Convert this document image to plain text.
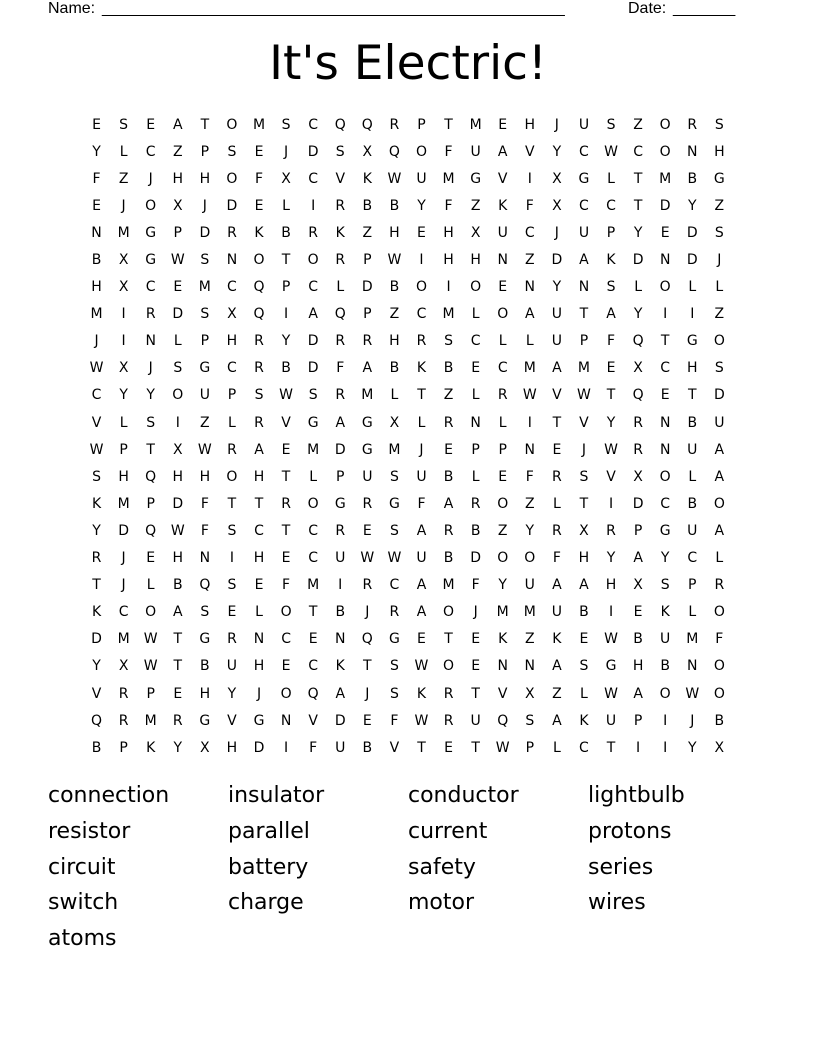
Name: ____________________________________________________	Date: _______
It's Electric!
E	S	E	A	T	O	M	S	C	Q	Q	R	P	T	M	E	H	J	U	S	Z	O	R	S
Y	L	C	Z	P	S	E	J	D	S	X	Q	O	F	U	A	V	Y	C	W	C	O	N	H
F	Z	J	H	H	O	F	X	C	V	K	W	U	M	G	V	I	X	G	L	T	M	B	G
E	J	O	X	J	D	E	L	I	R	B	B	Y	F	Z	K	F	X	C	C	T	D	Y	Z
N	M	G	P	D	R	K	B	R	K	Z	H	E	H	X	U	C	J	U	P	Y	E	D	S
B	X	G	W	S	N	O	T	O	R	P	W	I	H	H	N	Z	D	A	K	D	N	D	J
H	X	C	E	M	C	Q	P	C	L	D	B	O	I	O	E	N	Y	N	S	L	O	L	L
M	I	R	D	S	X	Q	I	A	Q	P	Z	C	M	L	O	A	U	T	A	Y	I	I	Z
J	I	N	L	P	H	R	Y	D	R	R	H	R	S	C	L	L	U	P	F	Q	T	G	O
W	X	J	S	G	C	R	B	D	F	A	B	K	B	E	C	M	A	M	E	X	C	H	S
C	Y	Y	O	U	P	S	W	S	R	M	L	T	Z	L	R	W	V	W	T	Q	E	T	D
V	L	S	I	Z	L	R	V	G	A	G	X	L	R	N	L	I	T	V	Y	R	N	B	U
W	P	T	X	W	R	A	E	M	D	G	M	J	E	P	P	N	E	J	W	R	N	U	A
S	H	Q	H	H	O	H	T	L	P	U	S	U	B	L	E	F	R	S	V	X	O	L	A
K	M	P	D	F	T	T	R	O	G	R	G	F	A	R	O	Z	L	T	I	D	C	B	O
Y	D	Q	W	F	S	C	T	C	R	E	S	A	R	B	Z	Y	R	X	R	P	G	U	A
R	J	E	H	N	I	H	E	C	U	W W	U	B	D	O	O	F	H	Y	A	Y	C	L
T	J	L	B	Q	S	E	F	M	I	R	C	A	M	F	Y	U	A	A	H	X	S	P	R
K	C	O	A	S	E	L	O	T	B	J	R	A	O	J	M	M	U	B	I	E	K	L	O
D	M	W	T	G	R	N	C	E	N	Q	G	E	T	E	K	Z	K	E	W	B	U	M	F
Y	X	W	T	B	U	H	E	C	K	T	S	W	O	E	N	N	A	S	G	H	B	N	O
V	R	P	E	H	Y	J	O	Q	A	J	S	K	R	T	V	X	Z	L	W	A	O	W	O
Q	R	M	R	G	V	G	N	V	D	E	F	W	R	U	Q	S	A	K	U	P	I	J	B
B	P	K	Y	X	H	D	I	F	U	B	V	T	E	T	W	P	L	C	T	I	I	Y	X
connection	insulator	conductor	lightbulb
resistor	parallel	current	protons
circuit	battery	safety	series
switch	charge	motor	wires
atoms
